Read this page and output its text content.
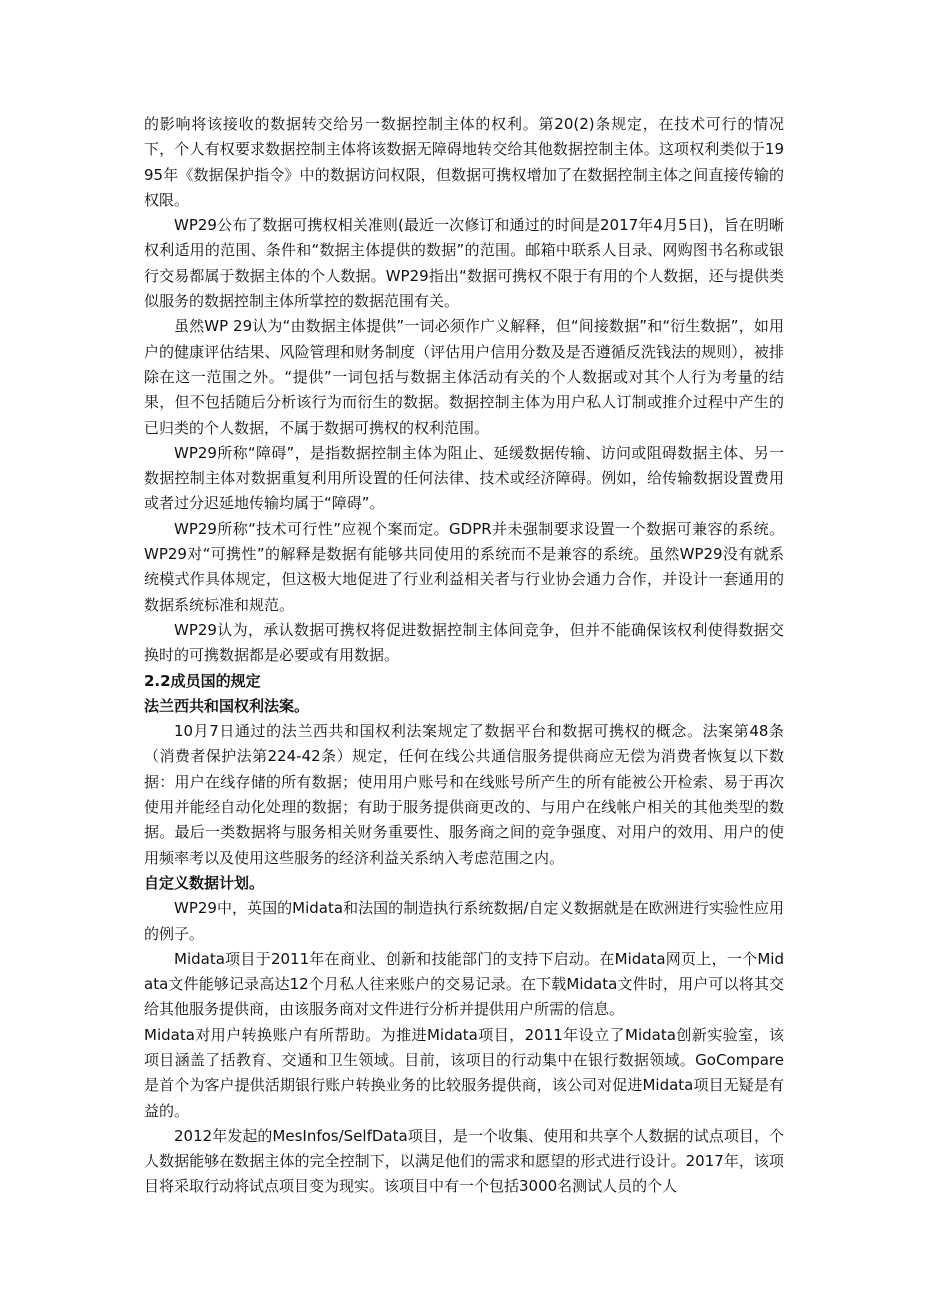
的影响将该接收的数据转交给另一数据控制主体的权利。第20(2)条规定，在技术可行的情况下，个人有权要求数据控制主体将该数据无障碍地转交给其他数据控制主体。这项权利类似于1995年《数据保护指令》中的数据访问权限，但数据可携权增加了在数据控制主体之间直接传输的权限。

WP29公布了数据可携权相关准则(最近一次修订和通过的时间是2017年4月5日)，旨在明晰权利适用的范围、条件和“数据主体提供的数据”的范围。邮箱中联系人目录、网购图书名称或银行交易都属于数据主体的个人数据。WP29指出“数据可携权不限于有用的个人数据，还与提供类似服务的数据控制主体所掌控的数据范围有关。

虽然WP 29认为“由数据主体提供”一词必须作广义解释，但“间接数据”和“衍生数据”，如用户的健康评估结果、风险管理和财务制度（评估用户信用分数及是否遵循反洗钱法的规则），被排除在这一范围之外。“提供”一词包括与数据主体活动有关的个人数据或对其个人行为考量的结果，但不包括随后分析该行为而衍生的数据。数据控制主体为用户私人订制或推介过程中产生的已归类的个人数据，不属于数据可携权的权利范围。

WP29所称“障碍”，是指数据控制主体为阻止、延缓数据传输、访问或阻碍数据主体、另一数据控制主体对数据重复利用所设置的任何法律、技术或经济障碍。例如，给传输数据设置费用或者过分迟延地传输均属于“障碍”。

WP29所称“技术可行性”应视个案而定。GDPR并未强制要求设置一个数据可兼容的系统。WP29对“可携性”的解释是数据有能够共同使用的系统而不是兼容的系统。虽然WP29没有就系统模式作具体规定，但这极大地促进了行业利益相关者与行业协会通力合作，并设计一套通用的数据系统标准和规范。

WP29认为，承认数据可携权将促进数据控制主体间竞争，但并不能确保该权利使得数据交换时的可携数据都是必要或有用数据。

2.2成员国的规定

法兰西共和国权利法案。

10月7日通过的法兰西共和国权利法案规定了数据平台和数据可携权的概念。法案第48条（消费者保护法第224-42条）规定，任何在线公共通信服务提供商应无偿为消费者恢复以下数据：用户在线存储的所有数据；使用用户账号和在线账号所产生的所有能被公开检索、易于再次使用并能经自动化处理的数据；有助于服务提供商更改的、与用户在线帐户相关的其他类型的数据。最后一类数据将与服务相关财务重要性、服务商之间的竞争强度、对用户的效用、用户的使用频率考以及使用这些服务的经济利益关系纳入考虑范围之内。

自定义数据计划。

WP29中，英国的Midata和法国的制造执行系统数据/自定义数据就是在欧洲进行实验性应用的例子。

Midata项目于2011年在商业、创新和技能部门的支持下启动。在Midata网页上，一个Midata文件能够记录高达12个月私人往来账户的交易记录。在下载Midata文件时，用户可以将其交给其他服务提供商，由该服务商对文件进行分析并提供用户所需的信息。

Midata对用户转换账户有所帮助。为推进Midata项目，2011年设立了Midata创新实验室，该项目涵盖了括教育、交通和卫生领域。目前，该项目的行动集中在银行数据领域。GoCompare是首个为客户提供活期银行账户转换业务的比较服务提供商，该公司对促进Midata项目无疑是有益的。

2012年发起的MesInfos/SelfData项目，是一个收集、使用和共享个人数据的试点项目，个人数据能够在数据主体的完全控制下，以满足他们的需求和愿望的形式进行设计。2017年，该项目将采取行动将试点项目变为现实。该项目中有一个包括3000名测试人员的个人
